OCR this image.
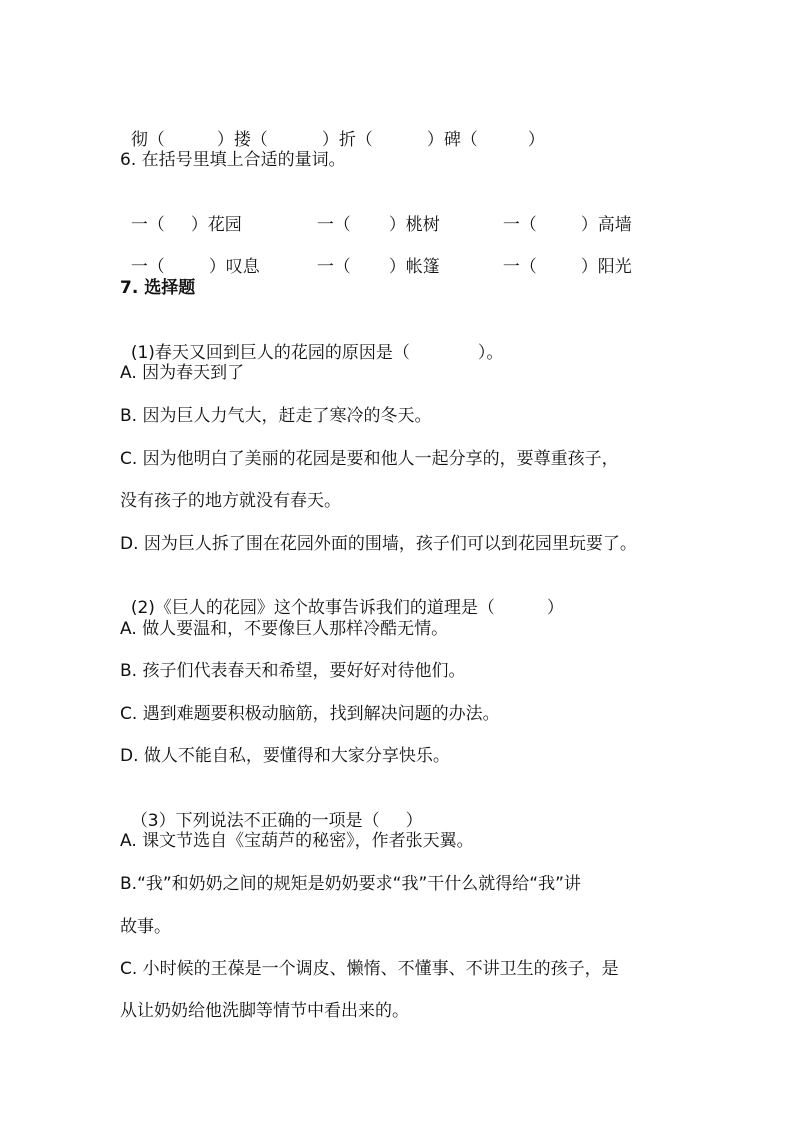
彻（	）搂（	）折（	）碑（	）

6. 在括号里填上合适的量词。

一（ ）花园	一（ ）桃树	一（	）高墙

一（	）叹息	一（ ）帐篷	一（	）阳光

7. 选择题

(1)春天又回到巨人的花园的原因是（	）。

A. 因为春天到了
B. 因为巨人力气大，赶走了寒冷的冬天。
C. 因为他明白了美丽的花园是要和他人一起分享的，要尊重孩子，
没有孩子的地方就没有春天。
D. 因为巨人拆了围在花园外面的围墙，孩子们可以到花园里玩要了。

(2)《巨人的花园》这个故事告诉我们的道理是（	）

A. 做人要温和，不要像巨人那样冷酷无情。
B. 孩子们代表春天和希望，要好好对待他们。
C. 遇到难题要积极动脑筋，找到解决问题的办法。
D. 做人不能自私，要懂得和大家分享快乐。

（3）下列说法不正确的一项是（ ）

A. 课文节选自《宝葫芦的秘密》，作者张天翼。
B.“我”和奶奶之间的规矩是奶奶要求“我”干什么就得给“我”讲
故事。
C. 小时候的王葆是一个调皮、懒惰、不懂事、不讲卫生的孩子，是
从让奶奶给他洗脚等情节中看出来的。
